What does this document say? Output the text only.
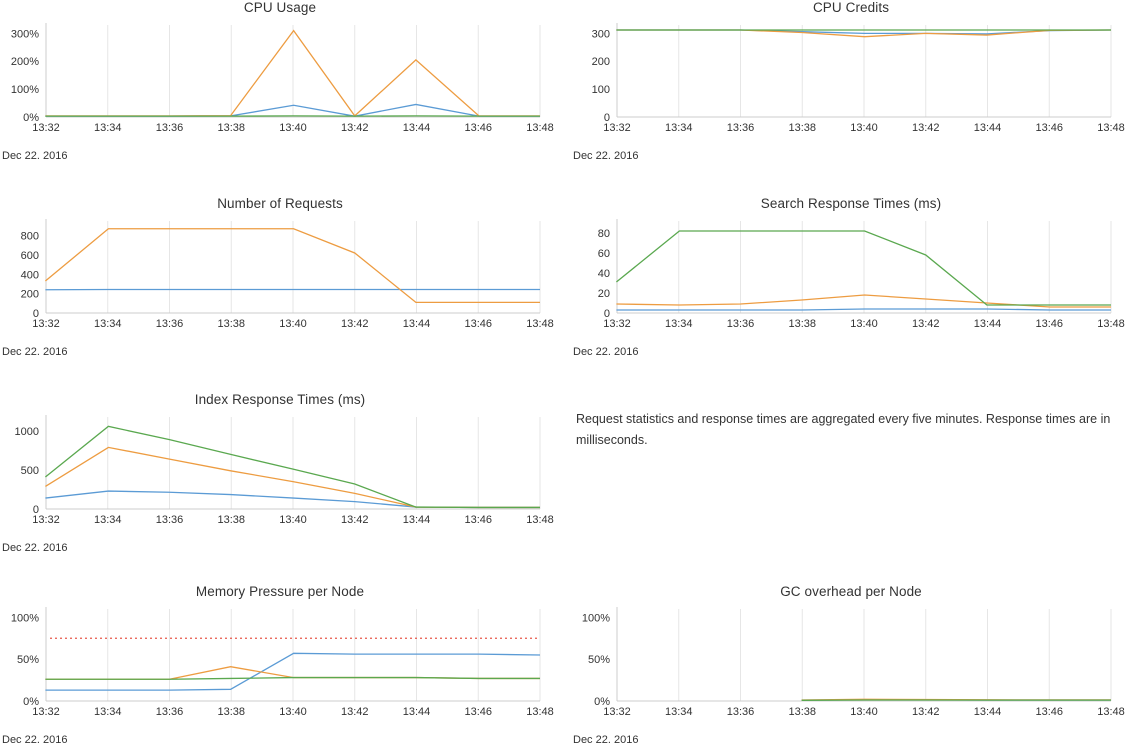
CPU Usage
13:32	13:34	13:36	13:38	13:40	13:42	13:44	13:46	13:48
0%
100%
200%
300%
Dec 22. 2016
CPU Credits
13:32	13:34	13:36	13:38	13:40	13:42	13:44	13:46	13:48
0
100
200
300
Dec 22. 2016
Number of Requests
13:32	13:34	13:36	13:38	13:40	13:42	13:44	13:46	13:48
0
200
400
600
800
Dec 22. 2016
Search Response Times (ms)
13:32	13:34	13:36	13:38	13:40	13:42	13:44	13:46	13:48
0
20
40
60
80
Dec 22. 2016
Index Response Times (ms)
13:32	13:34	13:36	13:38	13:40	13:42	13:44	13:46	13:48
0
500
1000
Dec 22. 2016
Request statistics and response times are aggregated every five minutes. Response times are in milliseconds.
Memory Pressure per Node
13:32	13:34	13:36	13:38	13:40	13:42	13:44	13:46	13:48
0%
50%
100%
Dec 22. 2016
GC overhead per Node
13:32	13:34	13:36	13:38	13:40	13:42	13:44	13:46	13:48
0%
50%
100%
Dec 22. 2016
